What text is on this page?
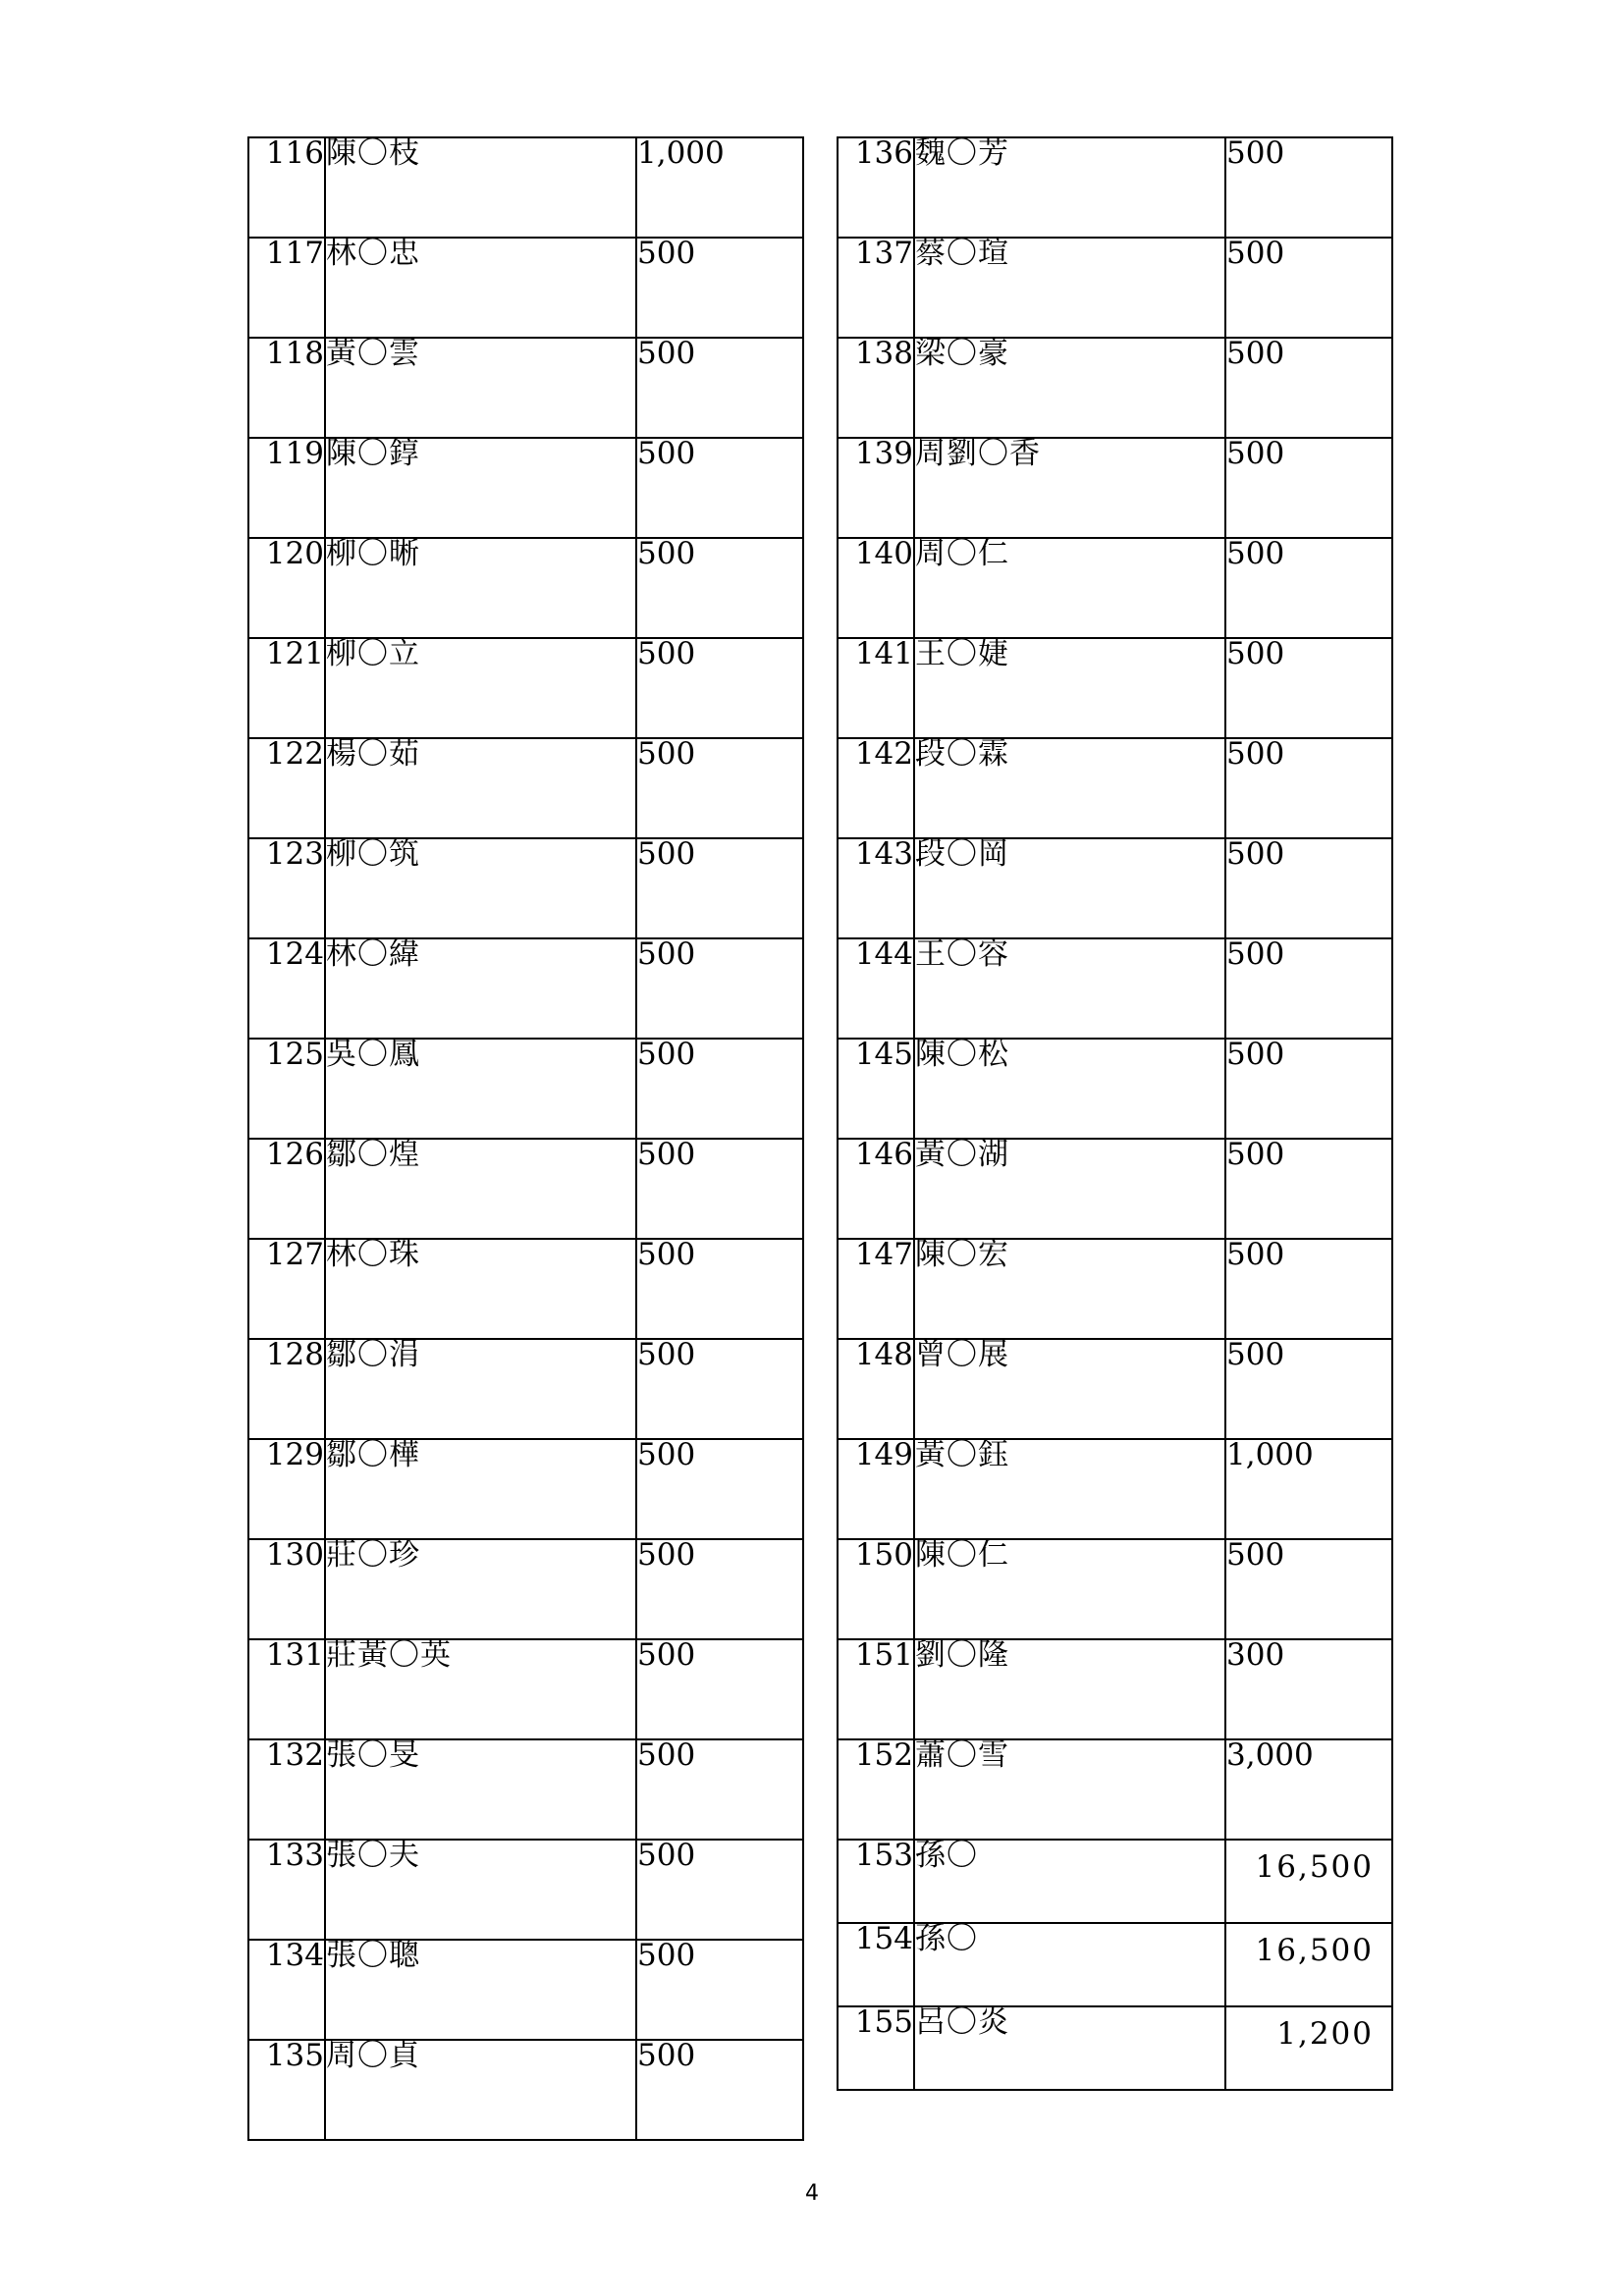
116	陳〇枝	1,000
117	林〇忠	500
118	黃〇雲	500
119	陳〇錞	500
120	柳〇晰	500
121	柳〇立	500
122	楊〇茹	500
123	柳〇筑	500
124	林〇緯	500
125	吳〇鳳	500
126	鄒〇煌	500
127	林〇珠	500
128	鄒〇涓	500
129	鄒〇樺	500
130	莊〇珍	500
131	莊黃〇英	500
132	張〇旻	500
133	張〇夫	500
134	張〇聰	500
135	周〇貞	500
136	魏〇芳	500
137	蔡〇瑄	500
138	梁〇豪	500
139	周劉〇香	500
140	周〇仁	500
141	王〇婕	500
142	段〇霖	500
143	段〇岡	500
144	王〇容	500
145	陳〇松	500
146	黃〇湖	500
147	陳〇宏	500
148	曾〇展	500
149	黃〇鈺	1,000
150	陳〇仁	500
151	劉〇隆	300
152	蕭〇雪	3,000
153	孫〇	16,500
154	孫〇	16,500
155	呂〇炎	1,200
4
